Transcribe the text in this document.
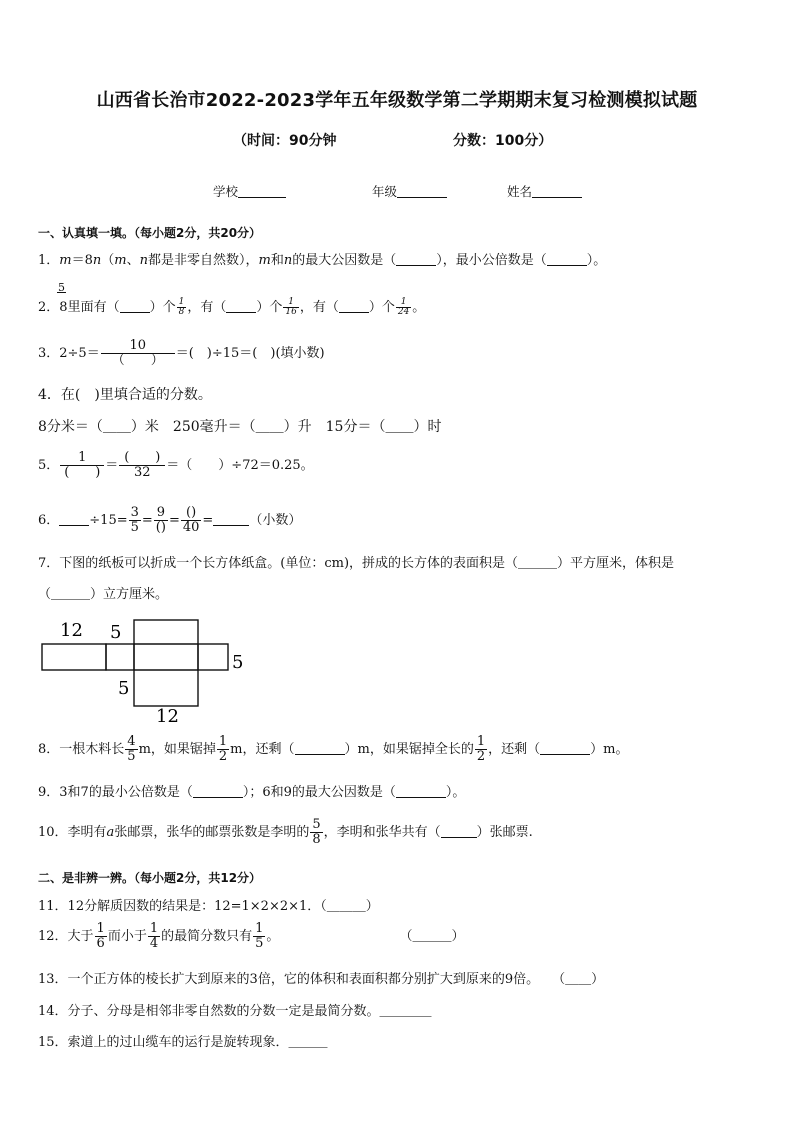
山西省长治市2022-2023学年五年级数学第二学期期末复习检测模拟试题
（时间：90分钟	分数：100分）
学校	年级	姓名
一、认真填一填。（每小题2分，共20分）
1．m＝8n（m、n都是非零自然数），m和n的最大公因数是（	），最小公倍数是（	）。
5
2．8里面有（ ）个 $\frac{1}{8}$ ，有（ ）个 $\frac{1}{16}$ ，有（ ）个 $\frac{1}{24}$ 。
3．$2\div 5= \frac{10}{( )}$ ＝(　)÷15＝(　)(填小数)
4．在(　)里填合适的分数。
8分米＝（＿＿）米　250毫升＝（＿＿）升　15分＝（＿＿）时
5． $\frac{1}{( )} = \frac{( )}{32}$ ＝（　　）÷72＝0.25。
6． $\div 15= \frac{3}{5} = \frac{9}{()} = \frac{()}{40}$ =	（小数）
7．下图的纸板可以折成一个长方体纸盒。(单位：cm)，拼成的长方体的表面积是（＿＿＿）平方厘米，体积是
（＿＿＿）立方厘米。
12 5
5
5
12
8．一根木料长 $\frac{4}{5}$ m，如果锯掉 $\frac{1}{2}$ m，还剩（	）m，如果锯掉全长的 $\frac{1}{2}$ ，还剩（	）m。
9．3和7的最小公倍数是（	）；6和9的最大公因数是（	）。
10．李明有a张邮票，张华的邮票张数是李明的 $\frac{5}{8}$ ，李明和张华共有（	）张邮票.
二、是非辨一辨。（每小题2分，共12分）
11．12分解质因数的结果是：12=1×2×2×1．（＿＿＿）
12．大于 $\frac{1}{6}$ 而小于 $\frac{1}{4}$ 的最简分数只有 $\frac{1}{5}$ 。	（＿＿＿）
13．一个正方体的棱长扩大到原来的3倍，它的体积和表面积都分别扩大到原来的9倍。　　（＿＿）
14．分子、分母是相邻非零自然数的分数一定是最简分数。＿＿＿＿
15．索道上的过山缆车的运行是旋转现象．＿＿＿
